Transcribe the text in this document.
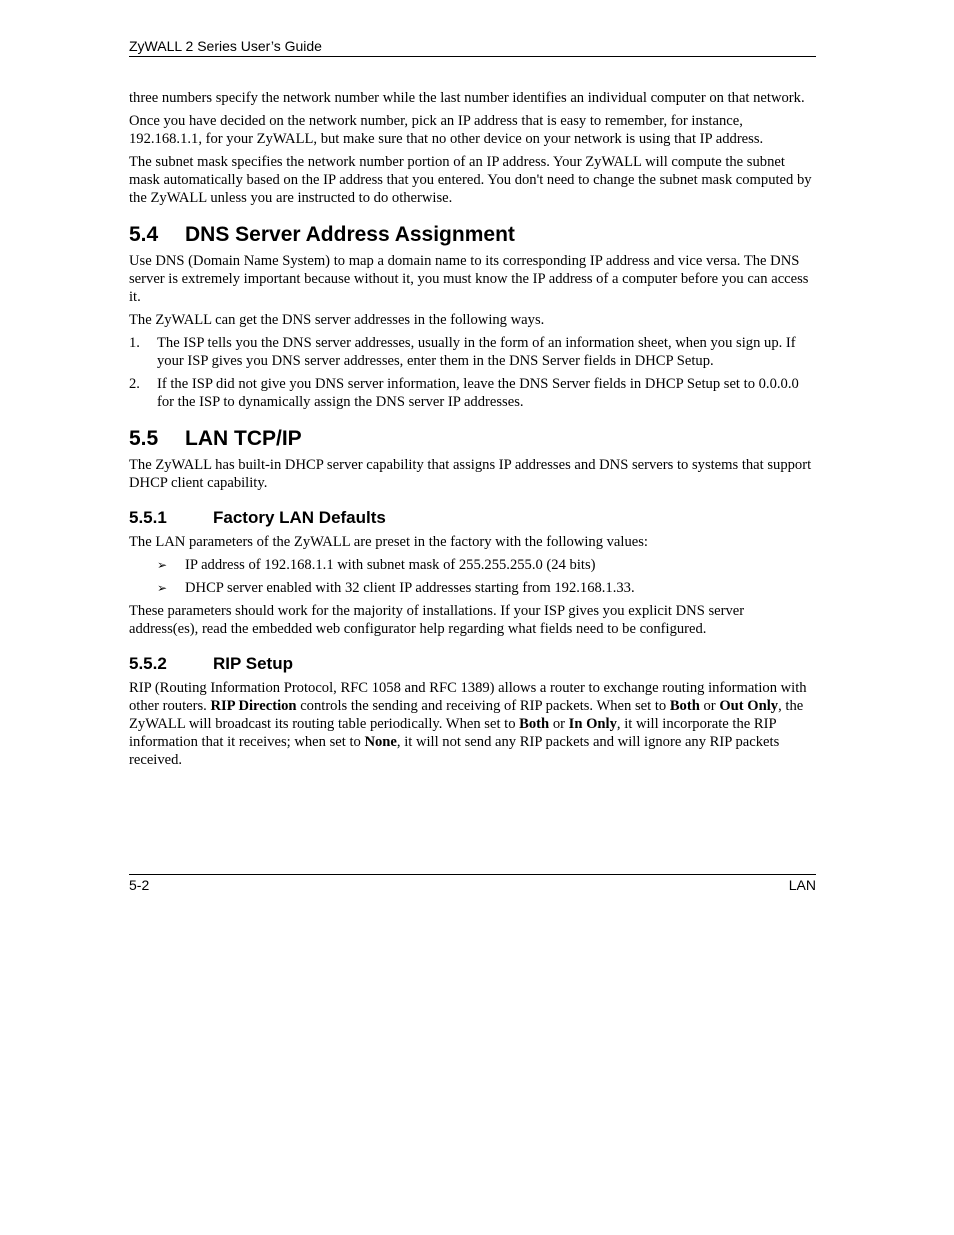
ZyWALL 2 Series User’s Guide

three numbers specify the network number while the last number identifies an individual computer on that network.

Once you have decided on the network number, pick an IP address that is easy to remember, for instance, 192.168.1.1, for your ZyWALL, but make sure that no other device on your network is using that IP address.

The subnet mask specifies the network number portion of an IP address. Your ZyWALL will compute the subnet mask automatically based on the IP address that you entered. You don't need to change the subnet mask computed by the ZyWALL unless you are instructed to do otherwise.

5.4	DNS Server Address Assignment

Use DNS (Domain Name System) to map a domain name to its corresponding IP address and vice versa. The DNS server is extremely important because without it, you must know the IP address of a computer before you can access it.

The ZyWALL can get the DNS server addresses in the following ways.

1.	The ISP tells you the DNS server addresses, usually in the form of an information sheet, when you sign up. If your ISP gives you DNS server addresses, enter them in the DNS Server fields in DHCP Setup.
2.	If the ISP did not give you DNS server information, leave the DNS Server fields in DHCP Setup set to 0.0.0.0 for the ISP to dynamically assign the DNS server IP addresses.
5.5	LAN TCP/IP

The ZyWALL has built-in DHCP server capability that assigns IP addresses and DNS servers to systems that support DHCP client capability.

5.5.1	Factory LAN Defaults

The LAN parameters of the ZyWALL are preset in the factory with the following values:

➢	IP address of 192.168.1.1 with subnet mask of 255.255.255.0 (24 bits)
➢	DHCP server enabled with 32 client IP addresses starting from 192.168.1.33.

These parameters should work for the majority of installations. If your ISP gives you explicit DNS server address(es), read the embedded web configurator help regarding what fields need to be configured.

5.5.2	RIP Setup

RIP (Routing Information Protocol, RFC 1058 and RFC 1389) allows a router to exchange routing information with other routers. RIP Direction controls the sending and receiving of RIP packets. When set to Both or Out Only, the ZyWALL will broadcast its routing table periodically. When set to Both or In Only, it will incorporate the RIP information that it receives; when set to None, it will not send any RIP packets and will ignore any RIP packets received.

5-2	LAN
